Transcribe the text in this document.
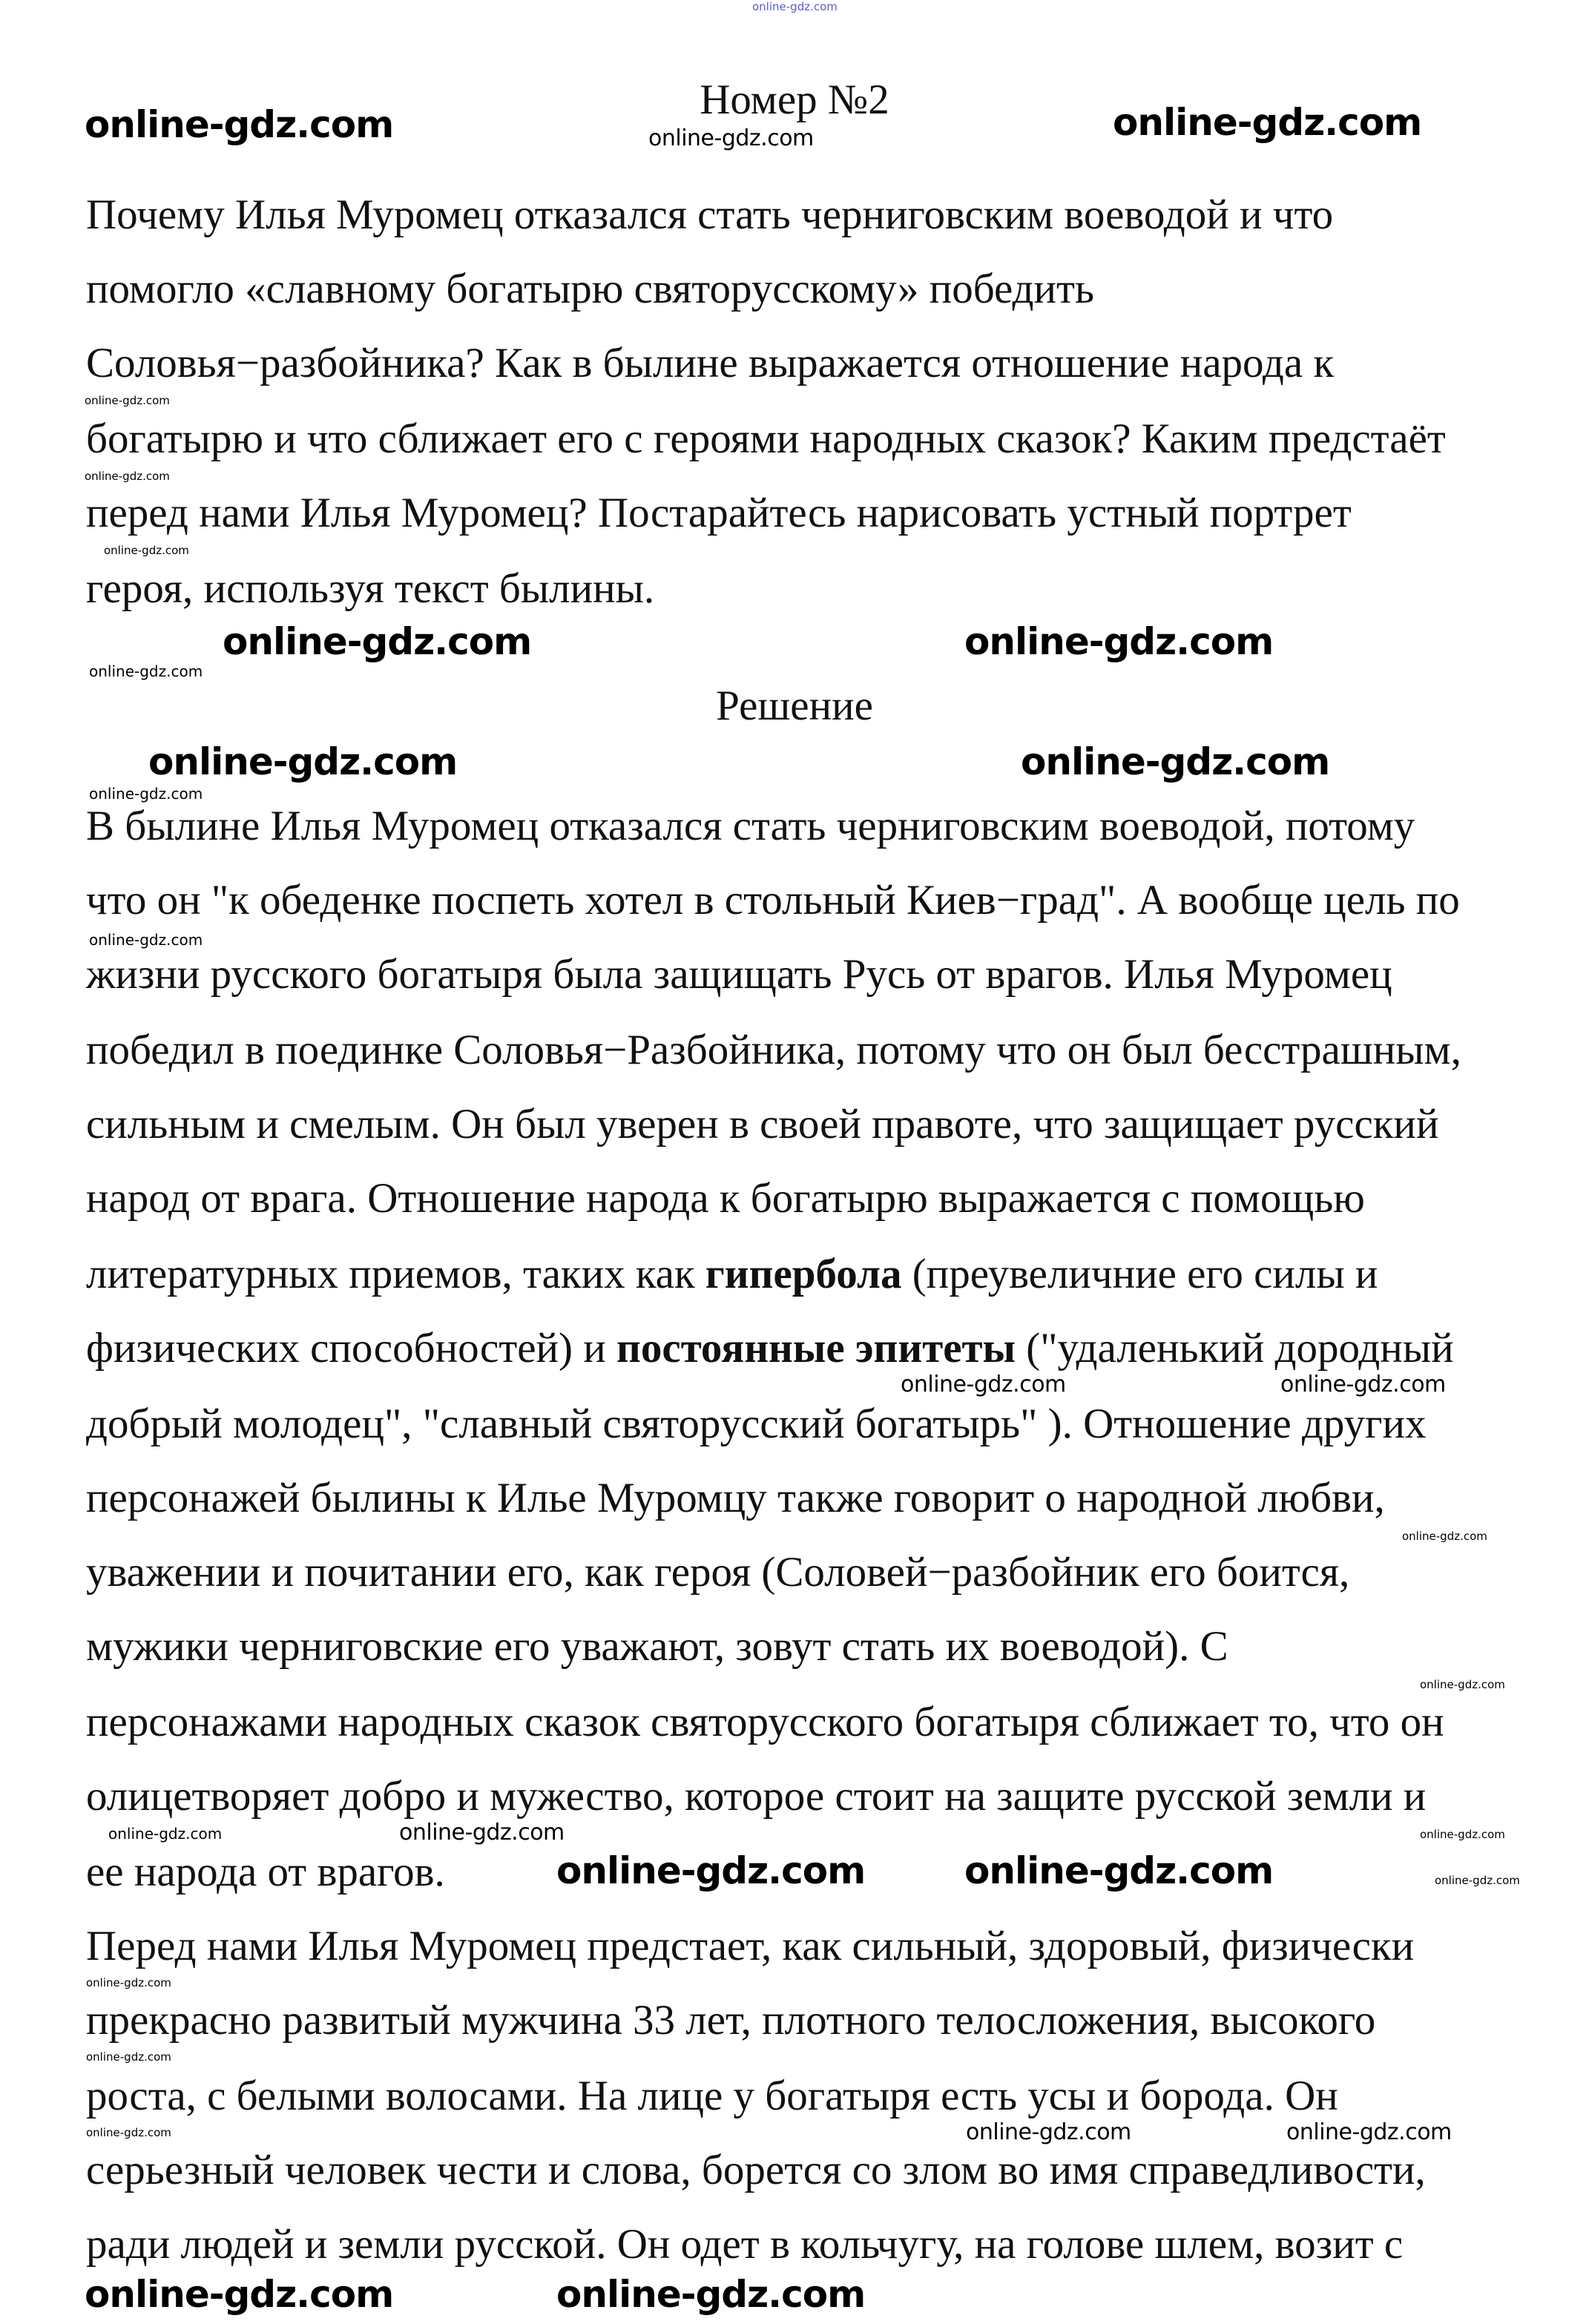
Номер №2
Решение
Почему Илья Муромец отказался стать черниговским воеводой и что
помогло «славному богатырю святорусскому» победить
Соловья−разбойника? Как в былине выражается отношение народа к
богатырю и что сближает его с героями народных сказок? Каким предстаёт
перед нами Илья Муромец? Постарайтесь нарисовать устный портрет
героя, используя текст былины.
В былине Илья Муромец отказался стать черниговским воеводой, потому
что он "к обеденке поспеть хотел в стольный Киев−град". А вообще цель по
жизни русского богатыря была защищать Русь от врагов. Илья Муромец
победил в поединке Соловья−Разбойника, потому что он был бесстрашным,
сильным и смелым. Он был уверен в своей правоте, что защищает русский
народ от врага. Отношение народа к богатырю выражается с помощью
литературных приемов, таких как гипербола (преувеличние его силы и
физических способностей) и постоянные эпитеты ("удаленький дородный
добрый молодец", "славный святорусский богатырь" ). Отношение других
персонажей былины к Илье Муромцу также говорит о народной любви,
уважении и почитании его, как героя (Соловей−разбойник его боится,
мужики черниговские его уважают, зовут стать их воеводой). С
персонажами народных сказок святорусского богатыря сближает то, что он
олицетворяет добро и мужество, которое стоит на защите русской земли и
ее народа от врагов.
Перед нами Илья Муромец предстает, как сильный, здоровый, физически
прекрасно развитый мужчина 33 лет, плотного телосложения, высокого
роста, с белыми волосами. На лице у богатыря есть усы и борода. Он
серьезный человек чести и слова, борется со злом во имя справедливости,
ради людей и земли русской. Он одет в кольчугу, на голове шлем, возит с
online-gdz.com
online-gdz.com	online-gdz.com	online-gdz.com
online-gdz.com
online-gdz.com
online-gdz.com
online-gdz.com
online-gdz.com
online-gdz.com
online-gdz.com
online-gdz.com
online-gdz.com
online-gdz.com
online-gdz.com
online-gdz.com	online-gdz.com
online-gdz.com
online-gdz.com
online-gdz.com
online-gdz.com
online-gdz.com	online-gdz.com
online-gdz.com	online-gdz.com
online-gdz.com
online-gdz.com
online-gdz.com
online-gdz.com
online-gdz.com	online-gdz.com
